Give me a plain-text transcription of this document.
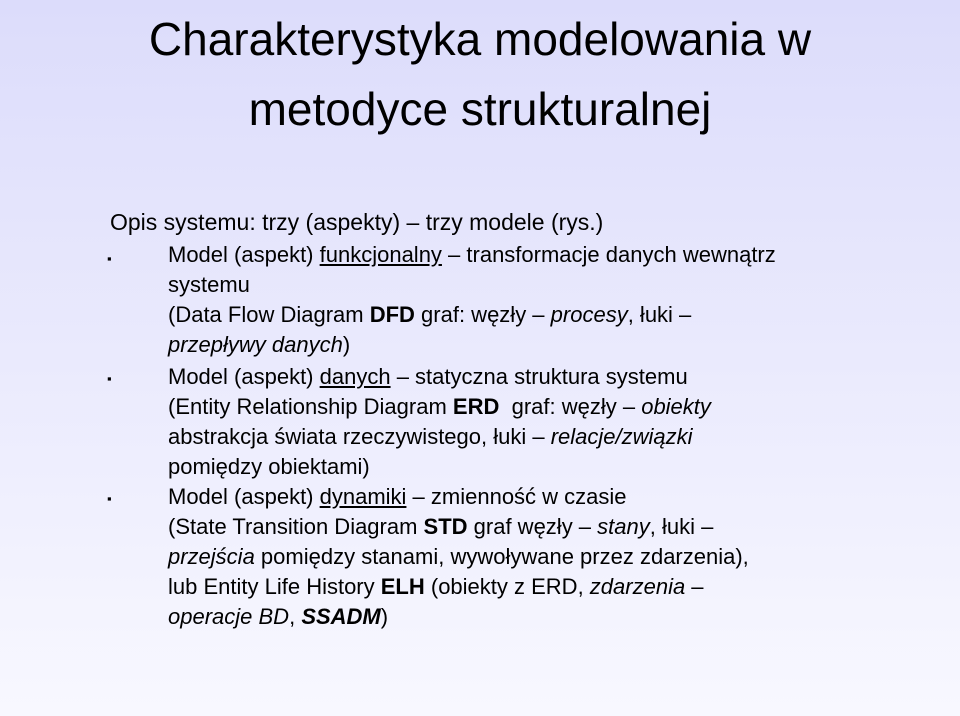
Charakterystyka modelowania w
metodyce strukturalnej
Opis systemu: trzy (aspekty) – trzy modele (rys.)
▪	Model (aspekt) funkcjonalny – transformacje danych wewnątrz
systemu
(Data Flow Diagram DFD graf: węzły – procesy, łuki –
przepływy danych)
▪	Model (aspekt) danych – statyczna struktura systemu
(Entity Relationship Diagram ERD  graf: węzły – obiekty
abstrakcja świata rzeczywistego, łuki – relacje/związki
pomiędzy obiektami)
▪	Model (aspekt) dynamiki – zmienność w czasie
(State Transition Diagram STD graf węzły – stany, łuki –
przejścia pomiędzy stanami, wywoływane przez zdarzenia),
lub Entity Life History ELH (obiekty z ERD, zdarzenia –
operacje BD, SSADM)
